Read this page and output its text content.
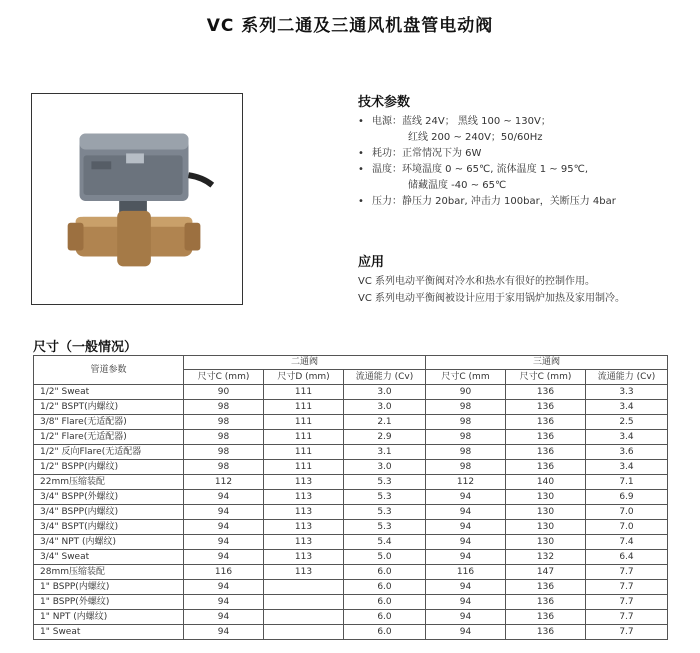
VC 系列二通及三通风机盘管电动阀
技术参数
• 电源：蓝线 24V； 黑线 100 ~ 130V；
红线 200 ~ 240V；50/60Hz
• 耗功：正常情况下为 6W
• 温度：环境温度 0 ~ 65℃, 流体温度 1 ~ 95℃,
储藏温度 -40 ~ 65℃
• 压力：静压力 20bar, 冲击力 100bar，关断压力 4bar
应用
VC 系列电动平衡阀对冷水和热水有很好的控制作用。
VC 系列电动平衡阀被设计应用于家用锅炉加热及家用制冷。
尺寸（一般情况）
管道参数	二通阀			三通阀		
	尺寸C (mm)	尺寸D (mm)	流通能力 (Cv)	尺寸C (mm	尺寸C (mm)	流通能力 (Cv)
1/2" Sweat	90	111	3.0	90	136	3.3
1/2" BSPT(内螺纹)	98	111	3.0	98	136	3.4
3/8" Flare(无适配器)	98	111	2.1	98	136	2.5
1/2" Flare(无适配器)	98	111	2.9	98	136	3.4
1/2" 反向Flare(无适配器	98	111	3.1	98	136	3.6
1/2" BSPP(内螺纹)	98	111	3.0	98	136	3.4
22mm压缩装配	112	113	5.3	112	140	7.1
3/4" BSPP(外螺纹)	94	113	5.3	94	130	6.9
3/4" BSPP(内螺纹)	94	113	5.3	94	130	7.0
3/4" BSPT(内螺纹)	94	113	5.3	94	130	7.0
3/4" NPT (内螺纹)	94	113	5.4	94	130	7.4
3/4" Sweat	94	113	5.0	94	132	6.4
28mm压缩装配	116	113	6.0	116	147	7.7
1" BSPP(内螺纹)	94		6.0	94	136	7.7
1" BSPP(外螺纹)	94		6.0	94	136	7.7
1" NPT (内螺纹)	94		6.0	94	136	7.7
1" Sweat	94		6.0	94	136	7.7
